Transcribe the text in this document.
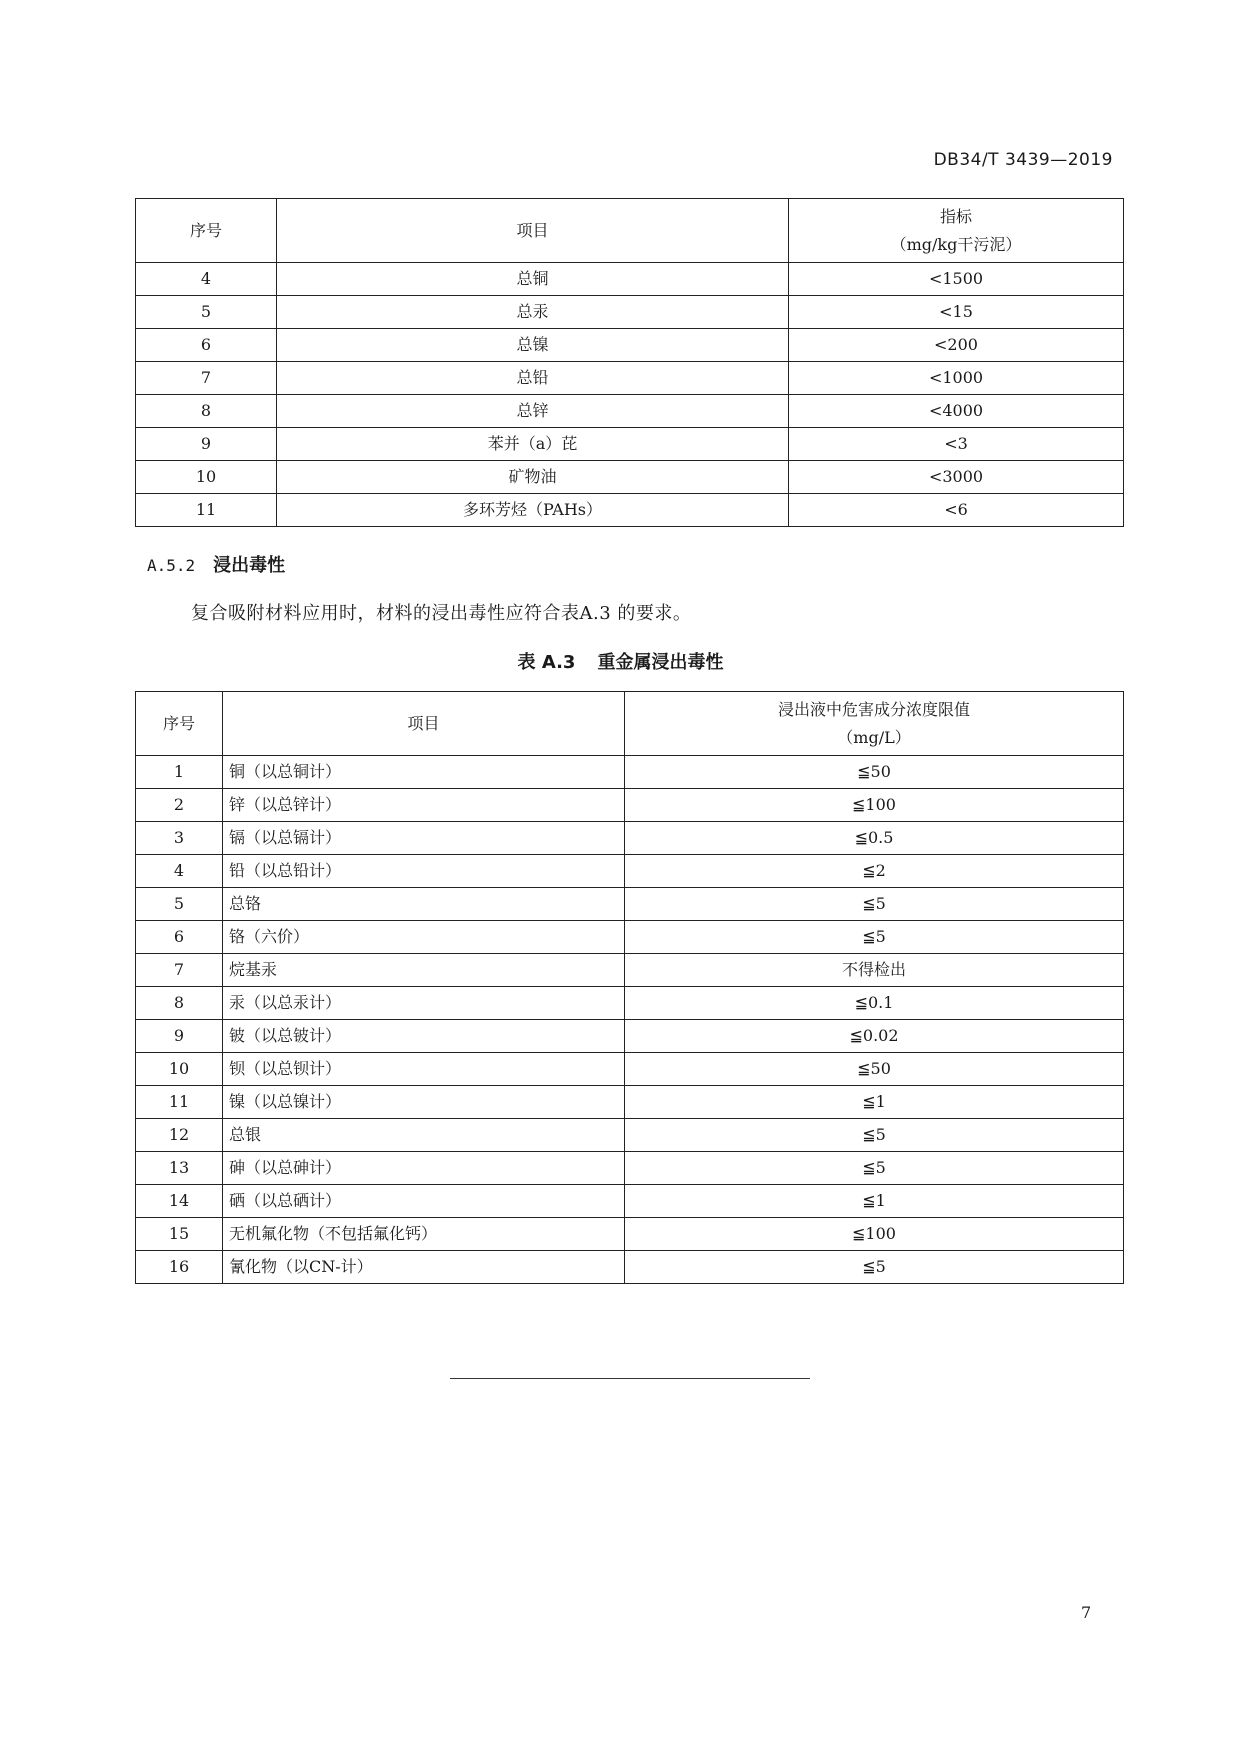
DB34/T 3439—2019
序号	项目	指标
（mg/kg干污泥）

4	总铜	<1500
5	总汞	<15
6	总镍	<200
7	总铅	<1000
8	总锌	<4000
9	苯并（a）芘	<3
10	矿物油	<3000
11	多环芳烃（PAHs）	<6
A.5.2 浸出毒性
复合吸附材料应用时，材料的浸出毒性应符合表A.3 的要求。
表 A.3 重金属浸出毒性
序号	项目	浸出液中危害成分浓度限值
（mg/L）

1	铜（以总铜计）	≦50
2	锌（以总锌计）	≦100
3	镉（以总镉计）	≦0.5
4	铅（以总铅计）	≦2
5	总铬	≦5
6	铬（六价）	≦5
7	烷基汞	不得检出
8	汞（以总汞计）	≦0.1
9	铍（以总铍计）	≦0.02
10	钡（以总钡计）	≦50
11	镍（以总镍计）	≦1
12	总银	≦5
13	砷（以总砷计）	≦5
14	硒（以总硒计）	≦1
15	无机氟化物（不包括氟化钙）	≦100
16	氰化物（以CN-计）	≦5
7
